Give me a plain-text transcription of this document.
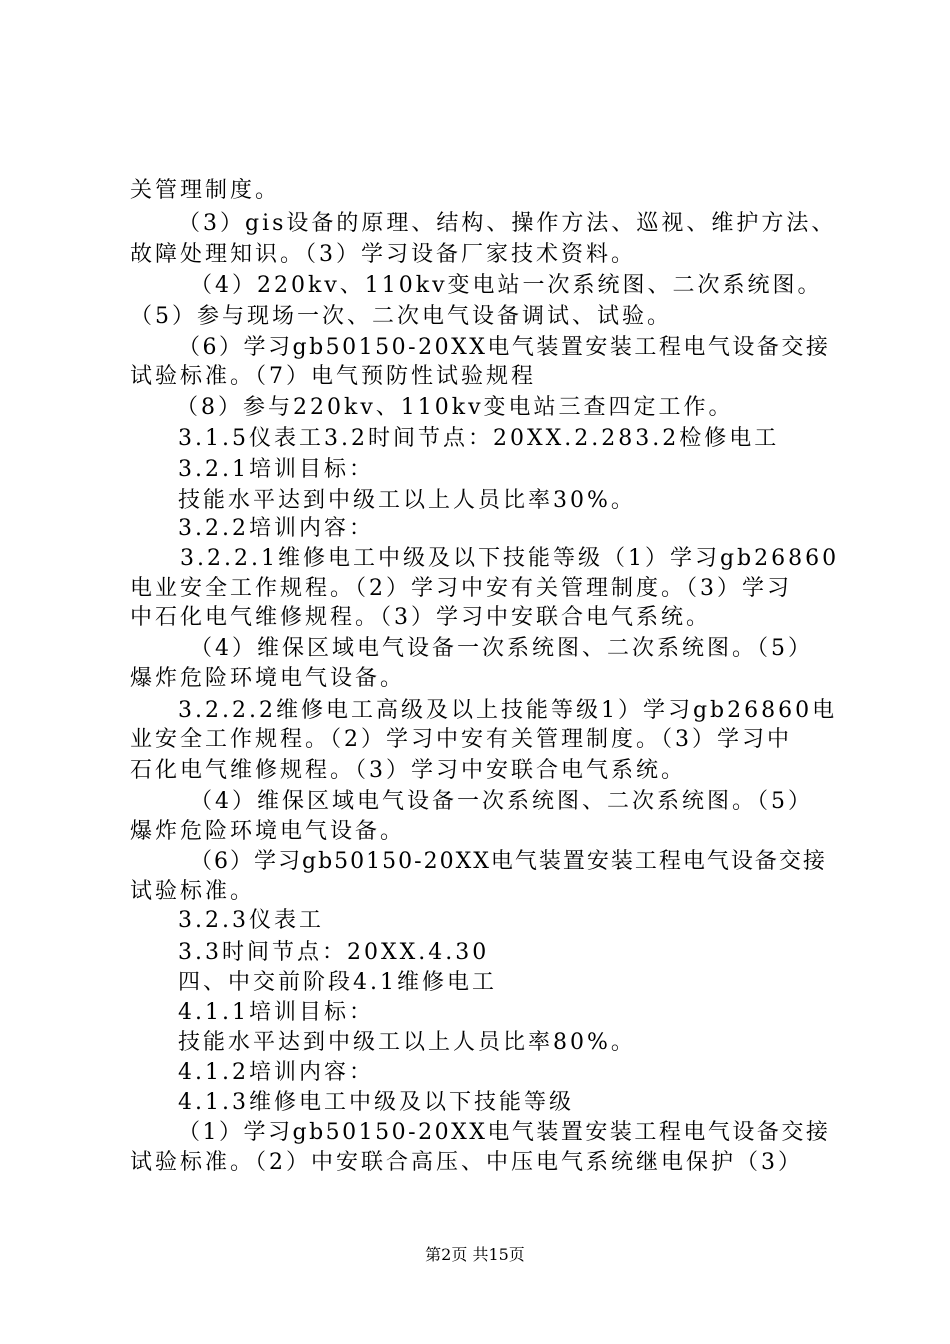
关管理制度。
（3）gis设备的原理、结构、操作方法、巡视、维护方法、
故障处理知识。（3）学习设备厂家技术资料。
（4）220kv、110kv变电站一次系统图、二次系统图。
（5）参与现场一次、二次电气设备调试、试验。
（6）学习gb50150-20XX电气装置安装工程电气设备交接
试验标准。（7）电气预防性试验规程
（8）参与220kv、110kv变电站三查四定工作。
3.1.5仪表工3.2时间节点：20XX.2.283.2检修电工
3.2.1培训目标：
技能水平达到中级工以上人员比率30%。
3.2.2培训内容：
3.2.2.1维修电工中级及以下技能等级（1）学习gb26860
电业安全工作规程。（2）学习中安有关管理制度。（3）学习
中石化电气维修规程。（3）学习中安联合电气系统。
（4）维保区域电气设备一次系统图、二次系统图。（5）
爆炸危险环境电气设备。
3.2.2.2维修电工高级及以上技能等级1）学习gb26860电
业安全工作规程。（2）学习中安有关管理制度。（3）学习中
石化电气维修规程。（3）学习中安联合电气系统。
（4）维保区域电气设备一次系统图、二次系统图。（5）
爆炸危险环境电气设备。
（6）学习gb50150-20XX电气装置安装工程电气设备交接
试验标准。
3.2.3仪表工
3.3时间节点：20XX.4.30
四、中交前阶段4.1维修电工
4.1.1培训目标：
技能水平达到中级工以上人员比率80%。
4.1.2培训内容：
4.1.3维修电工中级及以下技能等级
（1）学习gb50150-20XX电气装置安装工程电气设备交接
试验标准。（2）中安联合高压、中压电气系统继电保护（3）
第2页 共15页
